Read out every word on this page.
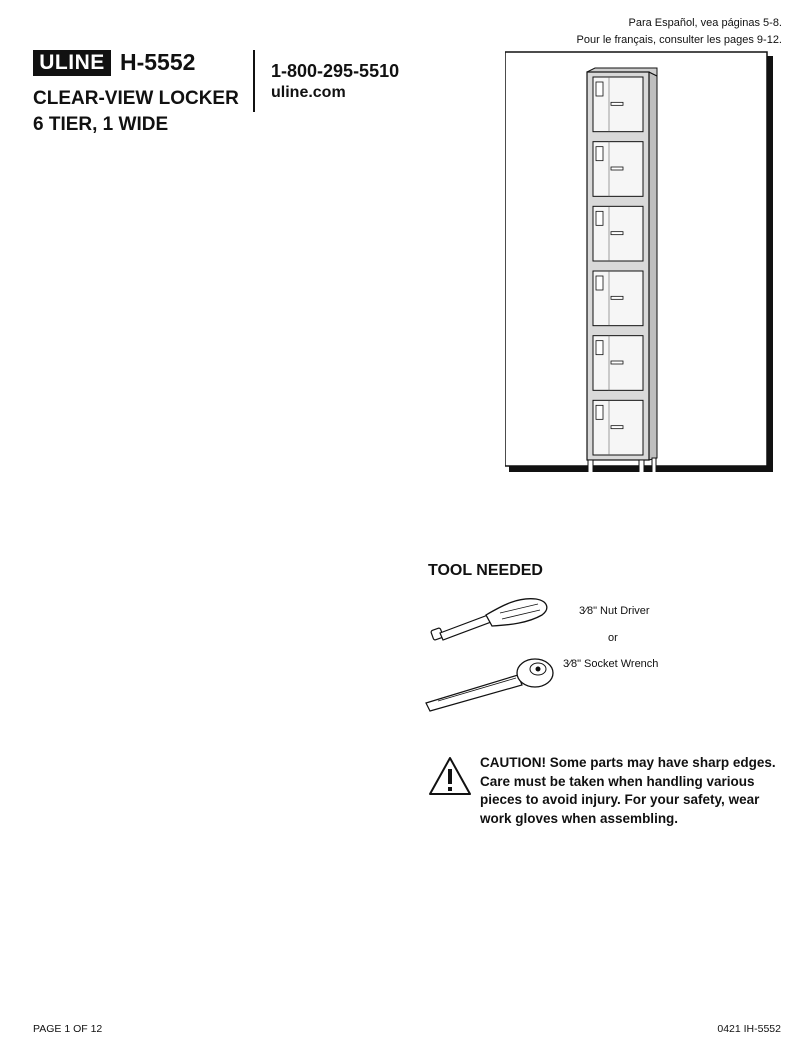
Para Español, vea páginas 5-8.
Pour le français, consulter les pages 9-12.
ULINE H-5552
CLEAR-VIEW LOCKER
6 TIER, 1 WIDE
1-800-295-5510
uline.com
TOOL NEEDED
3⁄8" Nut Driver
or
3⁄8" Socket Wrench
CAUTION! Some parts may have sharp edges. Care must be taken when handling various pieces to avoid injury. For your safety, wear work gloves when assembling.
PAGE 1 OF 12	0421 IH-5552
